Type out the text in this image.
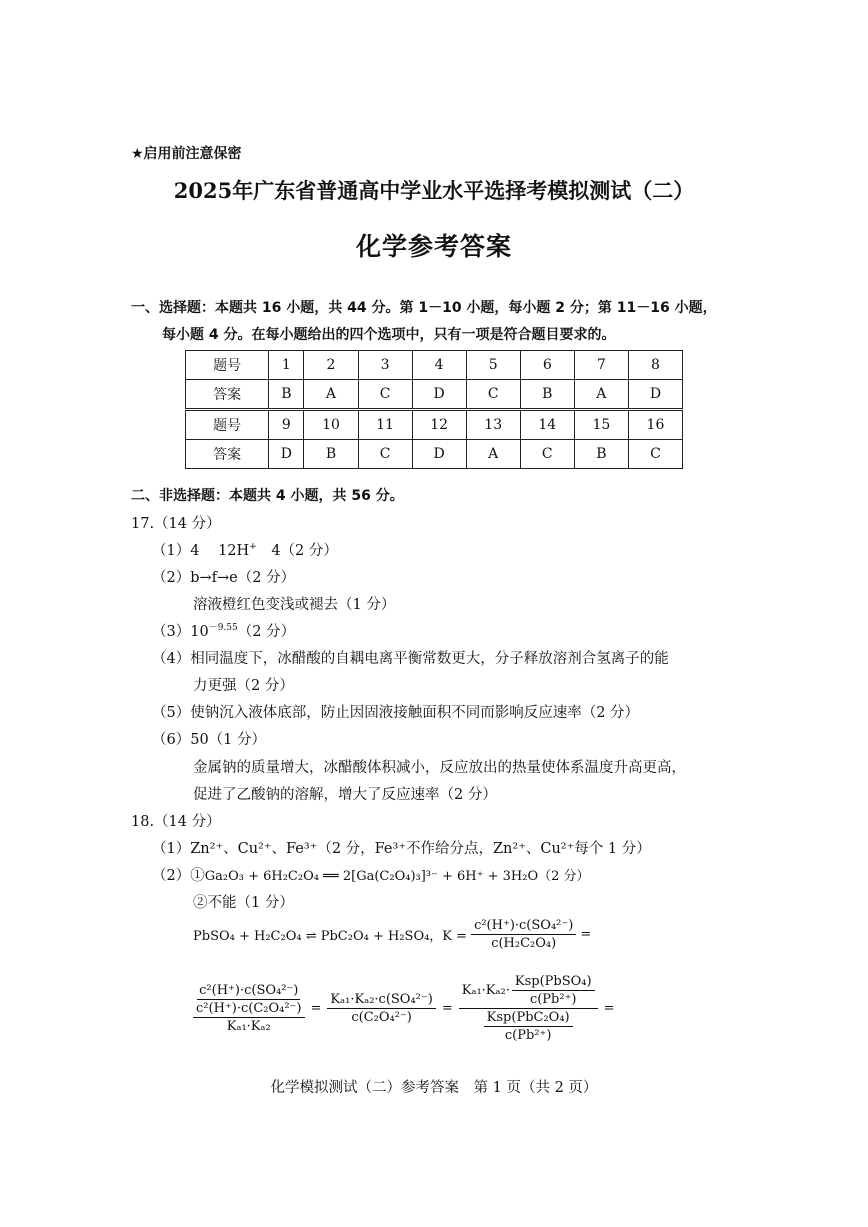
★启用前注意保密
2025年广东省普通高中学业水平选择考模拟测试（二）
化学参考答案
一、选择题：本题共 16 小题，共 44 分。第 1－10 小题，每小题 2 分；第 11－16 小题，
每小题 4 分。在每小题给出的四个选项中，只有一项是符合题目要求的。
题号	1	2	3	4	5	6	7	8
答案	B	A	C	D	C	B	A	D
题号	9	10	11	12	13	14	15	16
答案	D	B	C	D	A	C	B	C
二、非选择题：本题共 4 小题，共 56 分。
17.（14 分）
（1）4 12H+ 4（2 分）
（2）b→f→e（2 分）
溶液橙红色变浅或褪去（1 分）
$(3)10^{-9.55}(2$ 分）
（4）相同温度下，冰醋酸的自耦电离平衡常数更大，分子释放溶剂合氢离子的能
力更强（2 分）
（5）使钠沉入液体底部，防止因固液接触面积不同而影响反应速率（2 分）
（6）50（1 分）
金属钠的质量增大，冰醋酸体积减小，反应放出的热量使体系温度升高更高，
促进了乙酸钠的溶解，增大了反应速率（2 分）
18.（14 分）
（1）Zn²⁺、Cu²⁺、Fe³⁺（2 分，Fe³⁺不作给分点，Zn²⁺、Cu²⁺每个 1 分）
（2）①Ga₂O₃ + 6H₂C₂O₄ ══ 2[Ga(C₂O₄)₃]³⁻ + 6H⁺ + 3H₂O（2 分）
②不能（1 分）
PbSO₄ + H₂C₂O₄ ⇌ PbC₂O₄ + H₂SO₄，$K = \frac{\text{c²(H⁺)·c(SO₄²⁻)}}{\text{c(H₂C₂O₄)}}$ =
$\frac{\frac{\text{c²(H⁺)·c(SO₄²⁻)}}{\text{c²(H⁺)·c(C₂O₄²⁻)}}}{\text{Kₐ₁·Kₐ₂}} = \frac{\text{Kₐ₁·Kₐ₂·c(SO₄²⁻)}}{\text{c(C₂O₄²⁻)}} = \frac{K_{a1}\cdot K_{a2}\cdot \frac{\text{Ksp(PbSO₄)}}{\text{c(Pb²⁺)}}}{\frac{\text{Ksp(PbC₂O₄)}}{\text{c(Pb²⁺)}}}$ =
化学模拟测试（二）参考答案　第 1 页（共 2 页）
